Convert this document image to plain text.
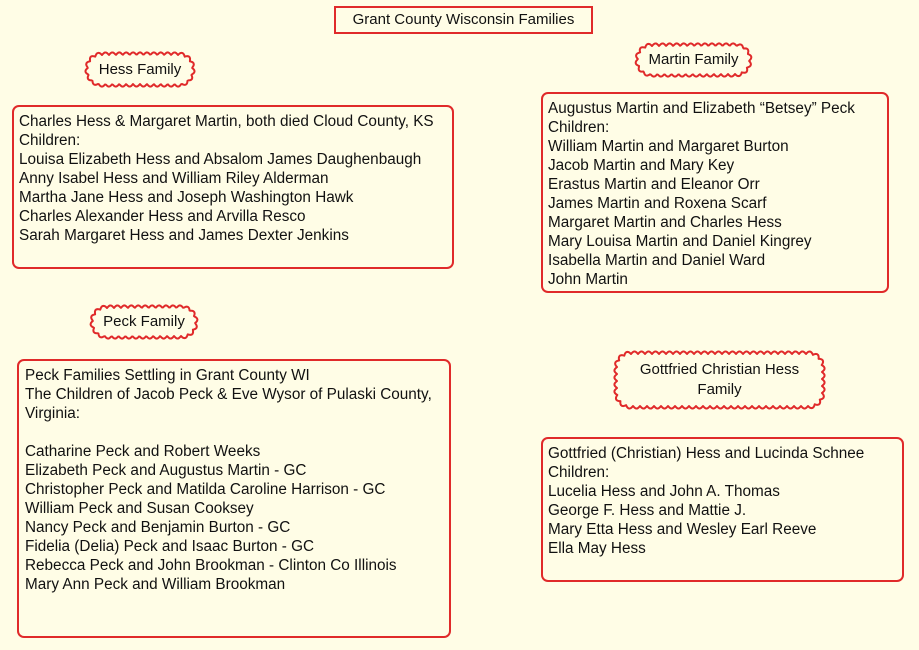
Grant County Wisconsin Families
Hess Family
Charles Hess & Margaret Martin, both died Cloud County, KS
Children:
Louisa Elizabeth Hess and Absalom James Daughenbaugh
Anny Isabel Hess and William Riley Alderman
Martha Jane Hess and Joseph Washington Hawk
Charles Alexander Hess and Arvilla Resco
Sarah Margaret Hess and James Dexter Jenkins
Martin Family
Augustus Martin and Elizabeth “Betsey” Peck
Children:
William Martin and Margaret Burton
Jacob Martin and Mary Key
Erastus Martin and Eleanor Orr
James Martin and Roxena Scarf
Margaret Martin and Charles Hess
Mary Louisa Martin and Daniel Kingrey
Isabella Martin and Daniel Ward
John Martin
Peck Family
Peck Families Settling in Grant County WI
The Children of Jacob Peck & Eve Wysor of Pulaski County, Virginia:
Catharine Peck and Robert Weeks
Elizabeth Peck and Augustus Martin - GC
Christopher Peck and Matilda Caroline Harrison - GC
William Peck and Susan Cooksey
Nancy Peck and Benjamin Burton - GC
Fidelia (Delia) Peck and Isaac Burton - GC
Rebecca Peck and John Brookman - Clinton Co Illinois
Mary Ann Peck and William Brookman
Gottfried Christian Hess
Family
Gottfried (Christian) Hess and Lucinda Schnee
Children:
Lucelia Hess and John A. Thomas
George F. Hess and Mattie J.
Mary Etta Hess and Wesley Earl Reeve
Ella May Hess
